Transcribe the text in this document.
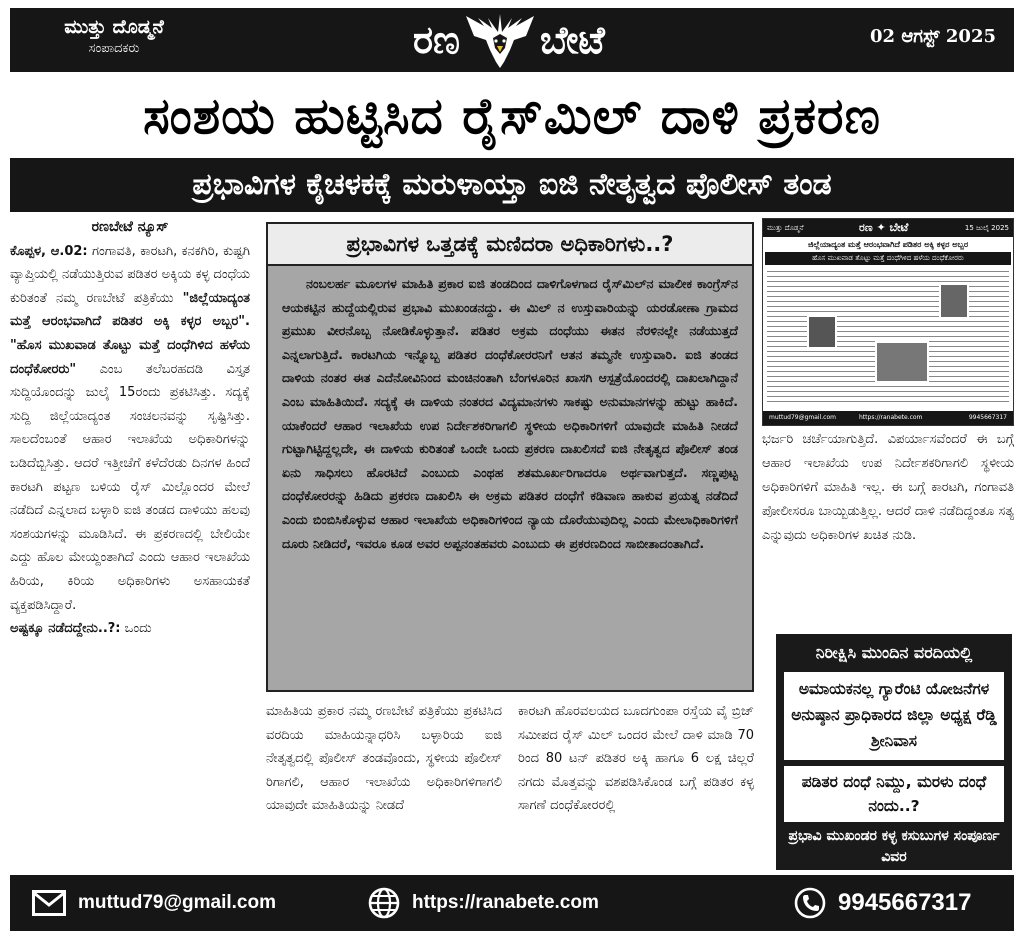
ಮುತ್ತು ದೊಡ್ಮನೆ
ಸಂಪಾದಕರು	ರಣ ಬೇಟೆ	02 ಆಗಸ್ಟ್ 2025
ಸಂಶಯ ಹುಟ್ಟಿಸಿದ ರೈಸ್‌ಮಿಲ್ ದಾಳಿ ಪ್ರಕರಣ
ಪ್ರಭಾವಿಗಳ ಕೈಚಳಕಕ್ಕೆ ಮರುಳಾಯ್ತಾ ಐಜಿ ನೇತೃತ್ವದ ಪೊಲೀಸ್ ತಂಡ

ರಣಬೇಟೆ ನ್ಯೂಸ್

ಕೊಪ್ಪಳ, ಆ.02: ಗಂಗಾವತಿ, ಕಾರಟಗಿ, ಕನಕಗಿರಿ, ಕುಷ್ಟಗಿ ವ್ಯಾಪ್ತಿಯಲ್ಲಿ ನಡೆಯುತ್ತಿರುವ ಪಡಿತರ ಅಕ್ಕಿಯ ಕಳ್ಳ ದಂಧೆಯ ಕುರಿತಂತೆ ನಮ್ಮ ರಣಬೇಟೆ ಪತ್ರಿಕೆಯು "ಜಿಲ್ಲೆಯಾದ್ಯಂತ ಮತ್ತೆ ಆರಂಭವಾಗಿದೆ ಪಡಿತರ ಅಕ್ಕಿ ಕಳ್ಳರ ಅಬ್ಬರ". "ಹೊಸ ಮುಖವಾಡ ತೊಟ್ಟು ಮತ್ತೆ ದಂಧೆಗಿಳಿದ ಹಳೆಯ ದಂಧೆಕೋರರು" ಎಂಬ ತಲೆಬರಹದಡಿ ವಿಸ್ತೃತ ಸುದ್ದಿಯೊಂದನ್ನು ಜುಲೈ 15ರಂದು ಪ್ರಕಟಿಸಿತ್ತು. ಸದ್ಯಕ್ಕೆ ಸುದ್ದಿ ಜಿಲ್ಲೆಯಾದ್ಯಂತ ಸಂಚಲನವನ್ನು ಸೃಷ್ಟಿಸಿತ್ತು. ಸಾಲದೆಂಬಂತೆ ಆಹಾರ ಇಲಾಖೆಯ ಅಧಿಕಾರಿಗಳನ್ನು ಬಡಿದೆಬ್ಬಿಸಿತ್ತು. ಆದರೆ ಇತ್ತೀಚೆಗೆ ಕಳೆದೆರಡು ದಿನಗಳ ಹಿಂದೆ ಕಾರಟಗಿ ಪಟ್ಟಣ ಬಳಿಯ ರೈಸ್ ಮಿಲ್ಲೊಂದರ ಮೇಲೆ ನಡೆದಿದೆ ಎನ್ನಲಾದ ಬಳ್ಳಾರಿ ಐಜಿ ತಂಡದ ದಾಳಿಯು ಹಲವು ಸಂಶಯಗಳನ್ನು ಮೂಡಿಸಿದೆ. ಈ ಪ್ರಕರಣದಲ್ಲಿ ಬೇಲಿಯೇ ಎದ್ದು ಹೊಲ ಮೇಯ್ದಂತಾಗಿದೆ ಎಂದು ಆಹಾರ ಇಲಾಖೆಯ ಹಿರಿಯ, ಕಿರಿಯ ಅಧಿಕಾರಿಗಳು ಅಸಹಾಯಕತೆ ವ್ಯಕ್ತಪಡಿಸಿದ್ದಾರೆ.

ಅಷ್ಟಕ್ಕೂ ನಡೆದದ್ದೇನು..?: ಒಂದು

ಪ್ರಭಾವಿಗಳ ಒತ್ತಡಕ್ಕೆ ಮಣಿದರಾ ಅಧಿಕಾರಿಗಳು..?
ನಂಬಲರ್ಹ ಮೂಲಗಳ ಮಾಹಿತಿ ಪ್ರಕಾರ ಐಜಿ ತಂಡದಿಂದ ದಾಳಿಗೊಳಗಾದ ರೈಸ್‌ಮಿಲ್‌ನ ಮಾಲೀಕ ಕಾಂಗ್ರೆಸ್‌ನ ಆಯಕಟ್ಟಿನ ಹುದ್ದೆಯಲ್ಲಿರುವ ಪ್ರಭಾವಿ ಮುಖಂಡನದ್ದು. ಈ ಮಿಲ್ ನ ಉಸ್ತುವಾರಿಯನ್ನು ಯರಡೋಣಾ ಗ್ರಾಮದ ಪ್ರಮುಖ ವೀರನೊಬ್ಬ ನೋಡಿಕೊಳ್ಳುತ್ತಾನೆ. ಪಡಿತರ ಅಕ್ರಮ ದಂಧೆಯು ಈತನ ನೆರಳಿನಲ್ಲೇ ನಡೆಯುತ್ತದೆ ಎನ್ನಲಾಗುತ್ತಿದೆ. ಕಾರಟಗಿಯ ಇನ್ನೊಬ್ಬ ಪಡಿತರ ದಂಧೆಕೋರರನಿಗೆ ಆತನ ತಮ್ಮನೇ ಉಸ್ತುವಾರಿ. ಐಜಿ ತಂಡದ ದಾಳಿಯ ನಂತರ ಈತ ಎದೆನೋವಿನಿಂದ ಮಂಚಿನಂತಾಗಿ ಬೆಂಗಳೂರಿನ ಖಾಸಗಿ ಆಸ್ಪತ್ರೆಯೊಂದರಲ್ಲಿ ದಾಖಲಾಗಿದ್ದಾನೆ ಎಂಬ ಮಾಹಿತಿಯಿದೆ. ಸದ್ಯಕ್ಕೆ ಈ ದಾಳಿಯ ನಂತರದ ವಿದ್ಯಮಾನಗಳು ಸಾಕಷ್ಟು ಅನುಮಾನಗಳನ್ನು ಹುಟ್ಟು ಹಾಕಿದೆ. ಯಾಕೆಂದರೆ ಆಹಾರ ಇಲಾಖೆಯ ಉಪ ನಿರ್ದೇಶಕರಿಗಾಗಲಿ ಸ್ಥಳೀಯ ಅಧಿಕಾರಿಗಳಿಗೆ ಯಾವುದೇ ಮಾಹಿತಿ ನೀಡದೆ ಗುಟ್ಟಾಗಿಟ್ಟಿದ್ದಲ್ಲದೇ, ಈ ದಾಳಿಯ ಕುರಿತಂತೆ ಒಂದೇ ಒಂದು ಪ್ರಕರಣ ದಾಖಲಿಸದೆ ಐಜಿ ನೇತೃತ್ವದ ಪೊಲೀಸ್ ತಂಡ ಏನು ಸಾಧಿಸಲು ಹೊರಟಿದೆ ಎಂಬುದು ಎಂಥಹ ಶತಮೂರ್ಖರಿಗಾದರೂ ಅರ್ಥವಾಗುತ್ತದೆ. ಸಣ್ಣಪುಟ್ಟ ದಂಧೆಕೋರರನ್ನು ಹಿಡಿದು ಪ್ರಕರಣ ದಾಖಲಿಸಿ ಈ ಅಕ್ರಮ ಪಡಿತರ ದಂಧೆಗೆ ಕಡಿವಾಣ ಹಾಕುವ ಪ್ರಯತ್ನ ನಡೆದಿದೆ ಎಂದು ಬಿಂಬಿಸಿಕೊಳ್ಳುವ ಆಹಾರ ಇಲಾಖೆಯ ಅಧಿಕಾರಿಗಳಿಂದ ನ್ಯಾಯ ದೊರೆಯುವುದಿಲ್ಲ ಎಂದು ಮೇಲಾಧಿಕಾರಿಗಳಿಗೆ ದೂರು ನೀಡಿದರೆ, ಇವರೂ ಕೂಡ ಅವರ ಅಪ್ಪನಂತಹವರು ಎಂಬುದು ಈ ಪ್ರಕರಣದಿಂದ ಸಾಬೀತಾದಂತಾಗಿದೆ.
ಮಾಹಿತಿಯ ಪ್ರಕಾರ ನಮ್ಮ ರಣಬೇಟೆ ಪತ್ರಿಕೆಯು ಪ್ರಕಟಿಸಿದ ವರದಿಯ ಮಾಹಿಯನ್ನಾಧರಿಸಿ ಬಳ್ಳಾರಿಯ ಐಜಿ ನೇತೃತ್ವದಲ್ಲಿ ಪೊಲೀಸ್ ತಂಡವೊಂದು, ಸ್ಥಳೀಯ ಪೊಲೀಸ್ ರಿಗಾಗಲಿ, ಆಹಾರ ಇಲಾಖೆಯ ಅಧಿಕಾರಿಗಳಿಗಾಗಲಿ ಯಾವುದೇ ಮಾಹಿತಿಯನ್ನು ನೀಡದೆ
ಕಾರಟಗಿ ಹೊರವಲಯದ ಬೂದಗುಂಪಾ ರಸ್ತೆಯ ವೈ ಬ್ರಿಜ್ ಸಮೀಪದ ರೈಸ್ ಮಿಲ್ ಒಂದರ ಮೇಲೆ ದಾಳಿ ಮಾಡಿ 70 ರಿಂದ 80 ಟನ್ ಪಡಿತರ ಅಕ್ಕಿ ಹಾಗೂ 6 ಲಕ್ಷ ಚಿಲ್ಲರೆ ನಗದು ಮೊತ್ತವನ್ನು ವಶಪಡಿಸಿಕೊಂಡ ಬಗ್ಗೆ ಪಡಿತರ ಕಳ್ಳ ಸಾಗಣೆ ದಂಧೆಕೋರರಲ್ಲಿ
ಮುತ್ತು ದೊಡ್ಮನೆ	ರಣ ✦ ಬೇಟೆ	15 ಜುಲೈ 2025
ಜಿಲ್ಲೆಯಾದ್ಯಂತ ಮತ್ತೆ ಆರಂಭವಾಗಿದೆ ಪಡಿತರ ಅಕ್ಕಿ ಕಳ್ಳರ ಅಬ್ಬರ
ಹೊಸ ಮುಖವಾಡ ತೊಟ್ಟು ಮತ್ತೆ ದಂಧೆಗಿಳಿದ ಹಳೆಯ ದಂಧೆಕೋರರು
muttud79@gmail.com	https://ranabete.com	9945667317
ಭರ್ಜರಿ ಚರ್ಚೆಯಾಗುತ್ತಿದೆ. ವಿಪರ್ಯಾಸವೆಂದರೆ ಈ ಬಗ್ಗೆ ಆಹಾರ ಇಲಾಖೆಯ ಉಪ ನಿರ್ದೇಶಕರಿಗಾಗಲಿ ಸ್ಥಳೀಯ ಅಧಿಕಾರಿಗಳಿಗೆ ಮಾಹಿತಿ ಇಲ್ಲ. ಈ ಬಗ್ಗೆ ಕಾರಟಗಿ, ಗಂಗಾವತಿ ಪೋಲೀಸರೂ ಬಾಯ್ಬಿಡುತ್ತಿಲ್ಲ. ಆದರೆ ದಾಳಿ ನಡೆದಿದ್ದಂತೂ ಸತ್ಯ ಎನ್ನುವುದು ಅಧಿಕಾರಿಗಳ ಖಚಿತ ನುಡಿ.
ನಿರೀಕ್ಷಿಸಿ ಮುಂದಿನ ವರದಿಯಲ್ಲಿ
ಅಮಾಯಕನಲ್ಲ ಗ್ಯಾರೆಂಟಿ ಯೋಜನೆಗಳ ಅನುಷ್ಠಾನ ಪ್ರಾಧಿಕಾರದ ಜಿಲ್ಲಾ ಅಧ್ಯಕ್ಷ ರೆಡ್ಡಿ ಶ್ರೀನಿವಾಸ
ಪಡಿತರ ದಂಧೆ ನಿಮ್ದು, ಮರಳು ದಂಧೆ ನಂದು..?
ಪ್ರಭಾವಿ ಮುಖಂಡರ ಕಳ್ಳ ಕಸುಬುಗಳ ಸಂಪೂರ್ಣ ವಿವರ
muttud79@gmail.com	https://ranabete.com	9945667317
